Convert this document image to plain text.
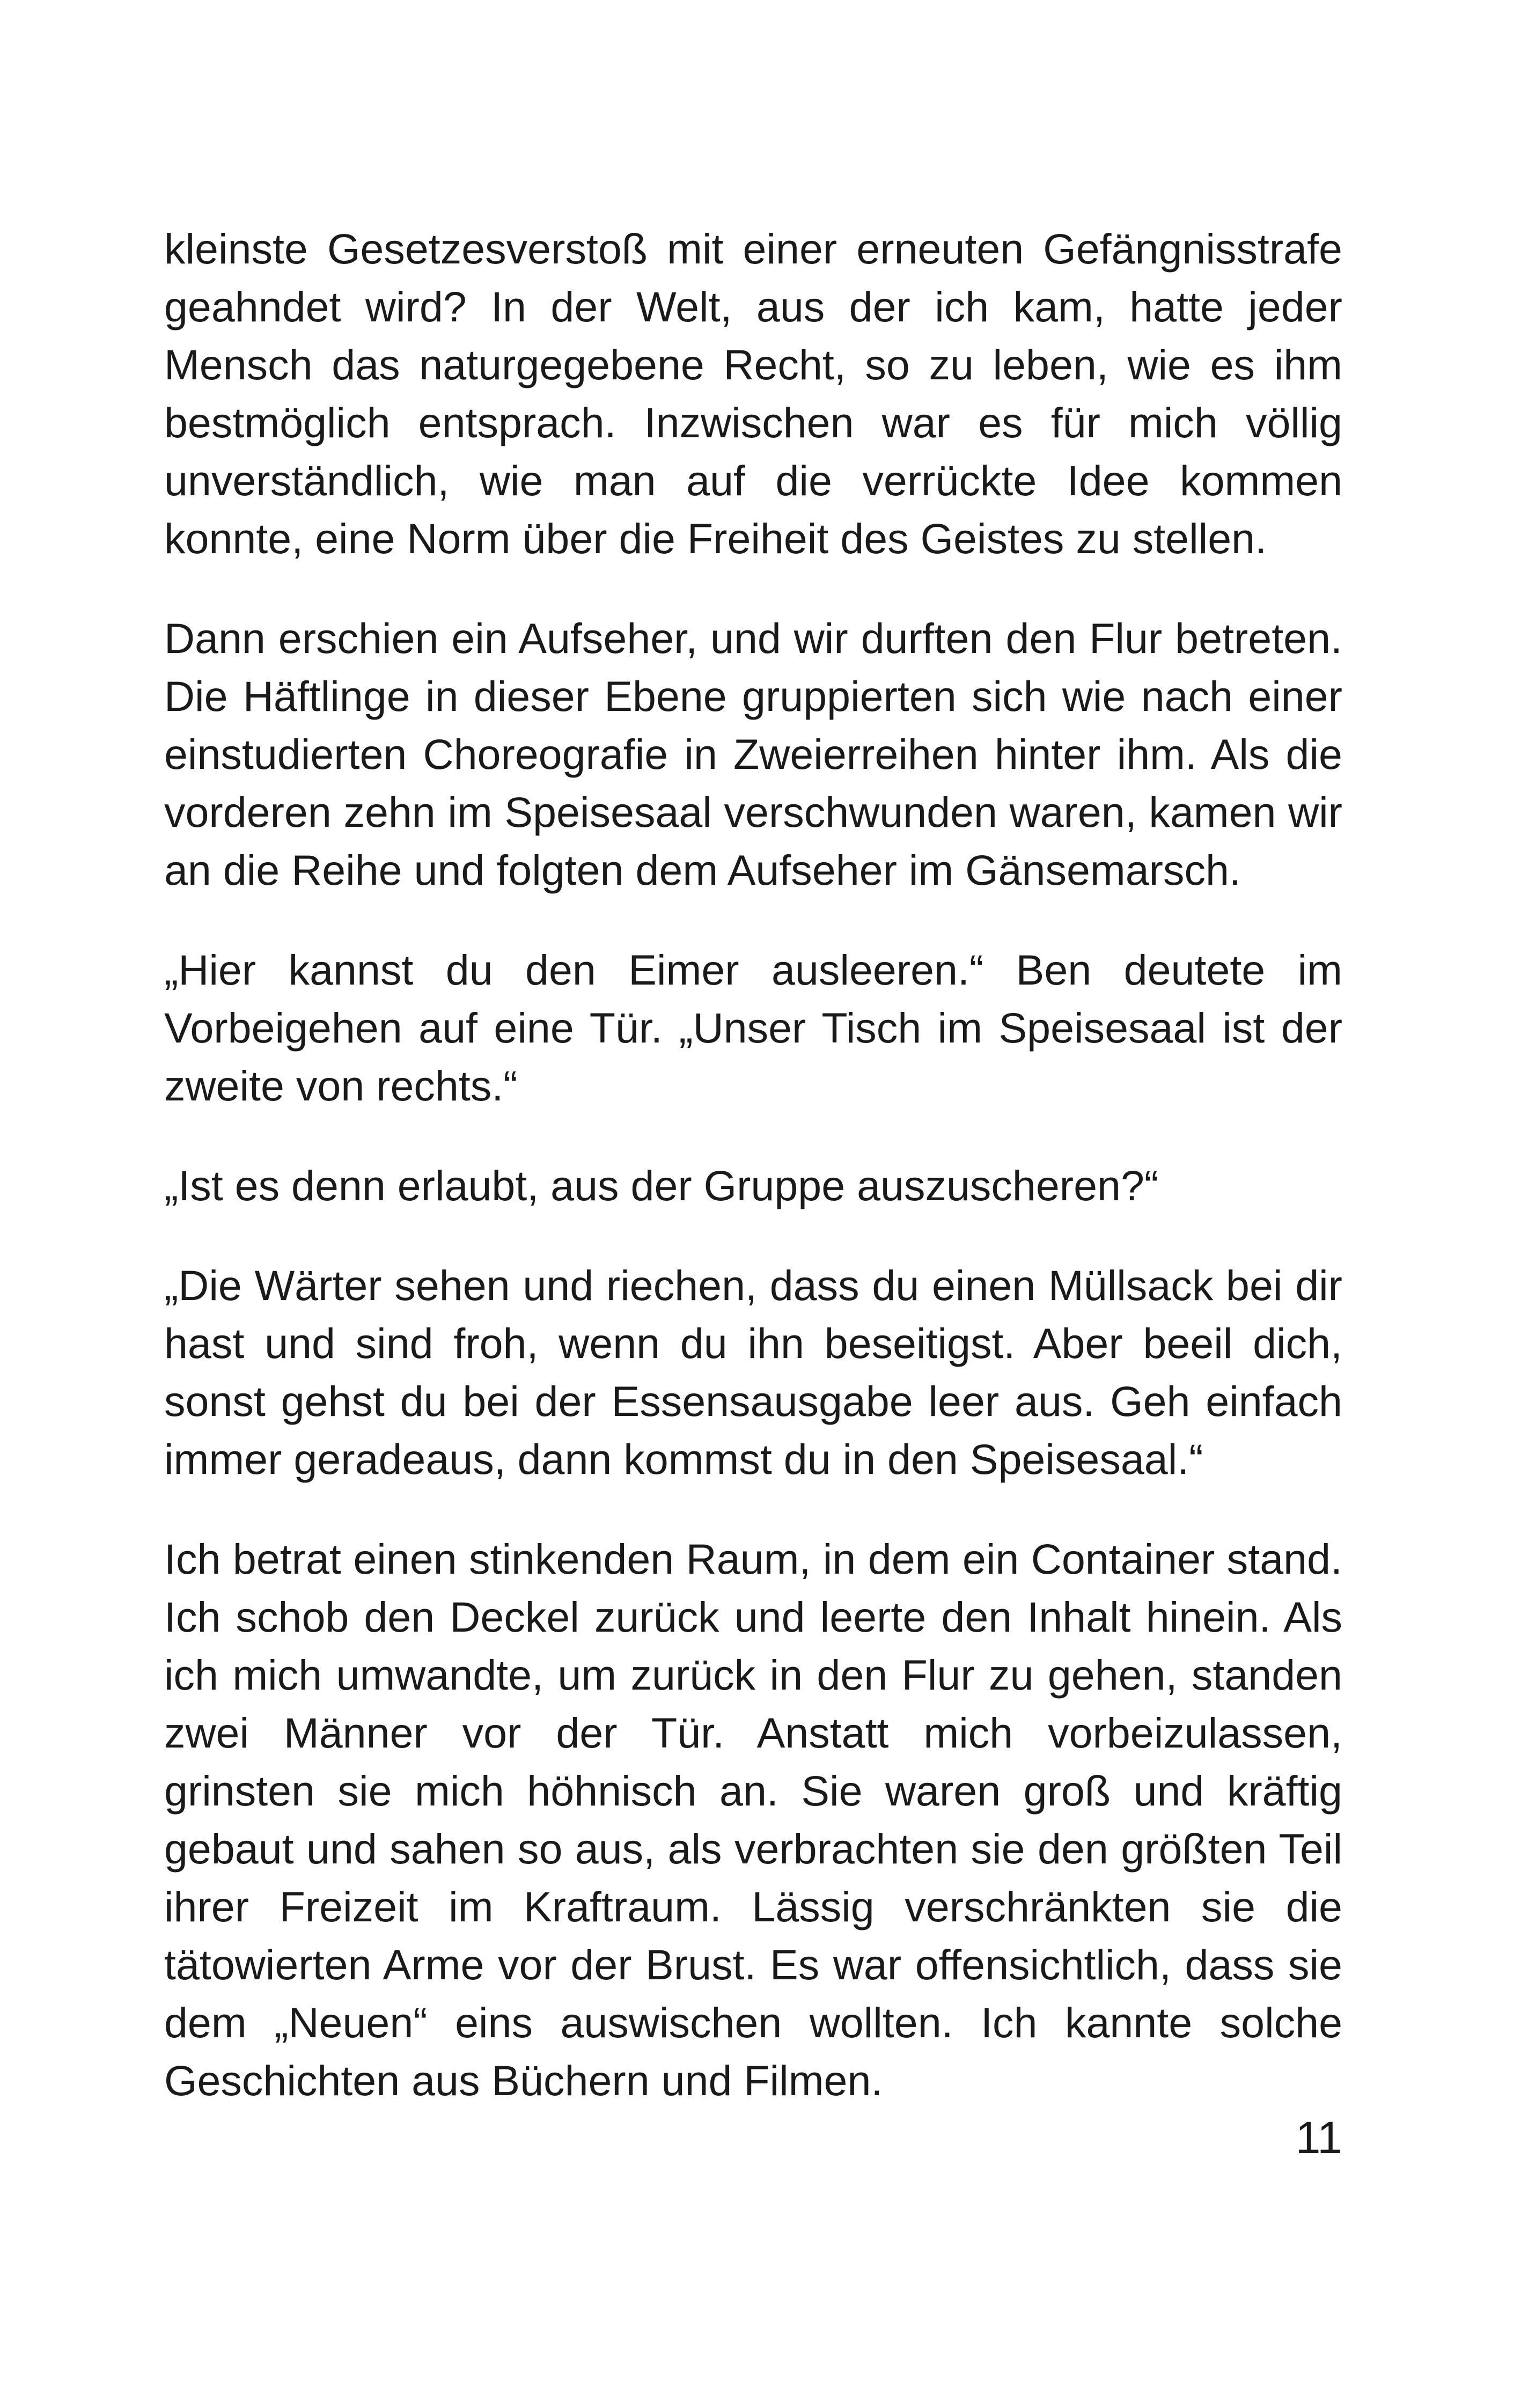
kleinste Gesetzesverstoß mit einer erneuten Gefängnisstrafe geahndet wird? In der Welt, aus der ich kam, hatte jeder Mensch das naturgegebene Recht, so zu leben, wie es ihm bestmöglich entsprach. Inzwischen war es für mich völlig unverständlich, wie man auf die verrückte Idee kommen konnte, eine Norm über die Freiheit des Geistes zu stellen.

Dann erschien ein Aufseher, und wir durften den Flur betreten. Die Häftlinge in dieser Ebene gruppierten sich wie nach einer einstudierten Choreografie in Zweierreihen hinter ihm. Als die vorderen zehn im Speisesaal verschwunden waren, kamen wir an die Reihe und folgten dem Aufseher im Gänsemarsch.

„Hier kannst du den Eimer ausleeren.“ Ben deutete im Vorbeigehen auf eine Tür. „Unser Tisch im Speisesaal ist der zweite von rechts.“

„Ist es denn erlaubt, aus der Gruppe auszuscheren?“

„Die Wärter sehen und riechen, dass du einen Müllsack bei dir hast und sind froh, wenn du ihn beseitigst. Aber beeil dich, sonst gehst du bei der Essensausgabe leer aus. Geh einfach immer geradeaus, dann kommst du in den Speisesaal.“

Ich betrat einen stinkenden Raum, in dem ein Container stand. Ich schob den Deckel zurück und leerte den Inhalt hinein. Als ich mich umwandte, um zurück in den Flur zu gehen, standen zwei Männer vor der Tür. Anstatt mich vorbeizulassen, grinsten sie mich höhnisch an. Sie waren groß und kräftig gebaut und sahen so aus, als verbrachten sie den größten Teil ihrer Freizeit im Kraftraum. Lässig verschränkten sie die tätowierten Arme vor der Brust. Es war offensichtlich, dass sie dem „Neuen“ eins auswischen wollten. Ich kannte solche Geschichten aus Büchern und Filmen.

11
